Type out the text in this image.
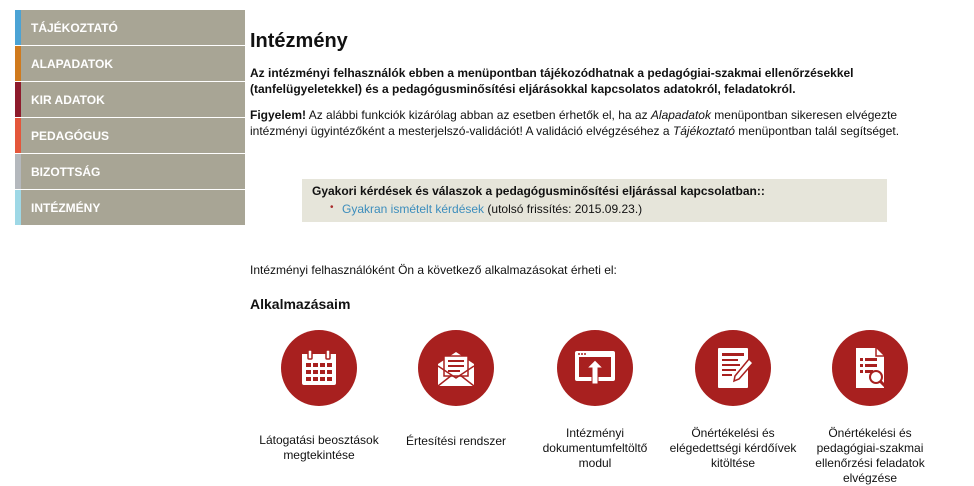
TÁJÉKOZTATÓ
ALAPADATOK
KIR ADATOK
PEDAGÓGUS
BIZOTTSÁG
INTÉZMÉNY
Intézmény

Az intézményi felhasználók ebben a menüpontban tájékozódhatnak a pedagógiai-szakmai ellenőrzésekkel (tanfelügyeletekkel) és a pedagógusminősítési eljárásokkal kapcsolatos adatokról, feladatokról.

Figyelem! Az alábbi funkciók kizárólag abban az esetben érhetők el, ha az Alapadatok menüpontban sikeresen elvégezte intézményi ügyintézőként a mesterjelszó-validációt! A validáció elvégzéséhez a Tájékoztató menüpontban talál segítséget.

Gyakori kérdések és válaszok a pedagógusminősítési eljárással kapcsolatban::
• Gyakran ismételt kérdések (utolsó frissítés: 2015.09.23.)
Intézményi felhasználóként Ön a következő alkalmazásokat érheti el:
Alkalmazásaim
Látogatási beosztások megtekintése
Értesítési rendszer
Intézményi dokumentumfeltöltő modul
Önértékelési és elégedettségi kérdőívek kitöltése
Önértékelési és pedagógiai-szakmai ellenőrzési feladatok elvégzése
